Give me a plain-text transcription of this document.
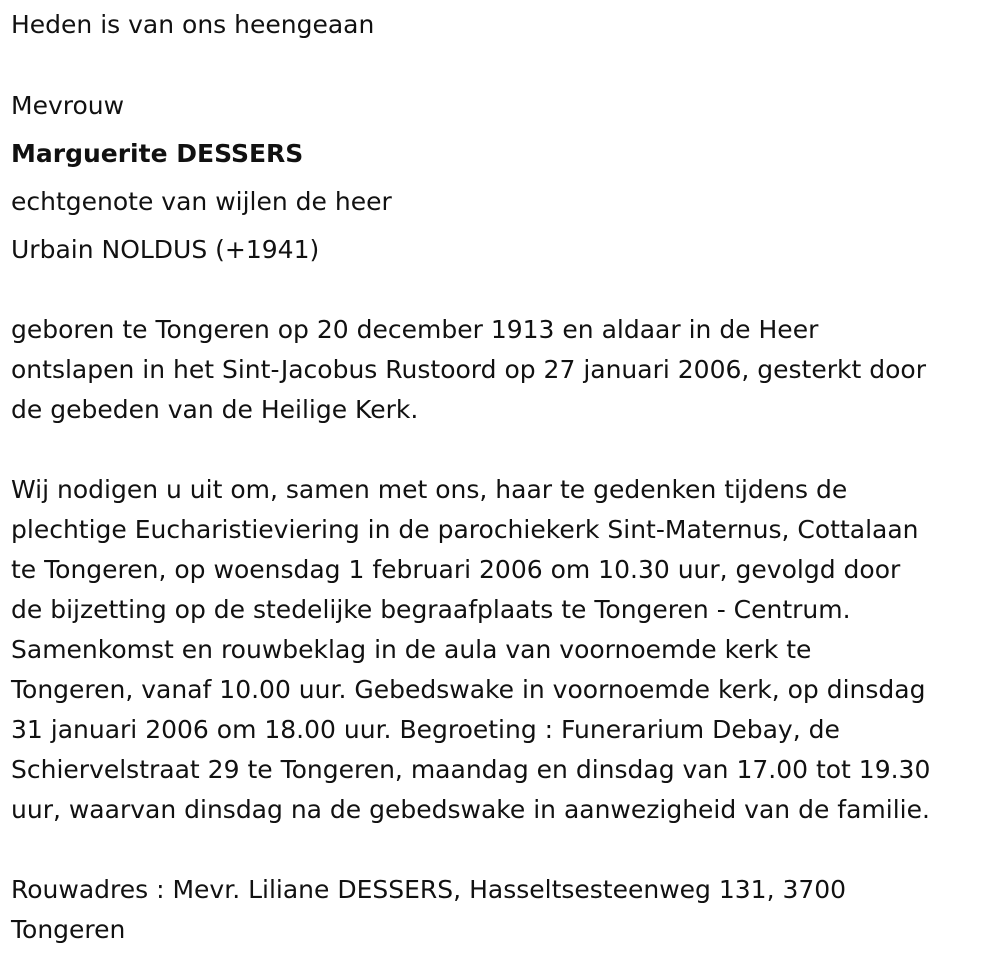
Heden is van ons heengeaan
Mevrouw
Marguerite DESSERS
echtgenote van wijlen de heer
Urbain NOLDUS (+1941)
geboren te Tongeren op 20 december 1913 en aldaar in de Heer
ontslapen in het Sint-Jacobus Rustoord op 27 januari 2006, gesterkt door
de gebeden van de Heilige Kerk.
Wij nodigen u uit om, samen met ons, haar te gedenken tijdens de
plechtige Eucharistieviering in de parochiekerk Sint-Maternus, Cottalaan
te Tongeren, op woensdag 1 februari 2006 om 10.30 uur, gevolgd door
de bijzetting op de stedelijke begraafplaats te Tongeren - Centrum.
Samenkomst en rouwbeklag in de aula van voornoemde kerk te
Tongeren, vanaf 10.00 uur. Gebedswake in voornoemde kerk, op dinsdag
31 januari 2006 om 18.00 uur. Begroeting : Funerarium Debay, de
Schiervelstraat 29 te Tongeren, maandag en dinsdag van 17.00 tot 19.30
uur, waarvan dinsdag na de gebedswake in aanwezigheid van de familie.
Rouwadres : Mevr. Liliane DESSERS, Hasseltsesteenweg 131, 3700
Tongeren
